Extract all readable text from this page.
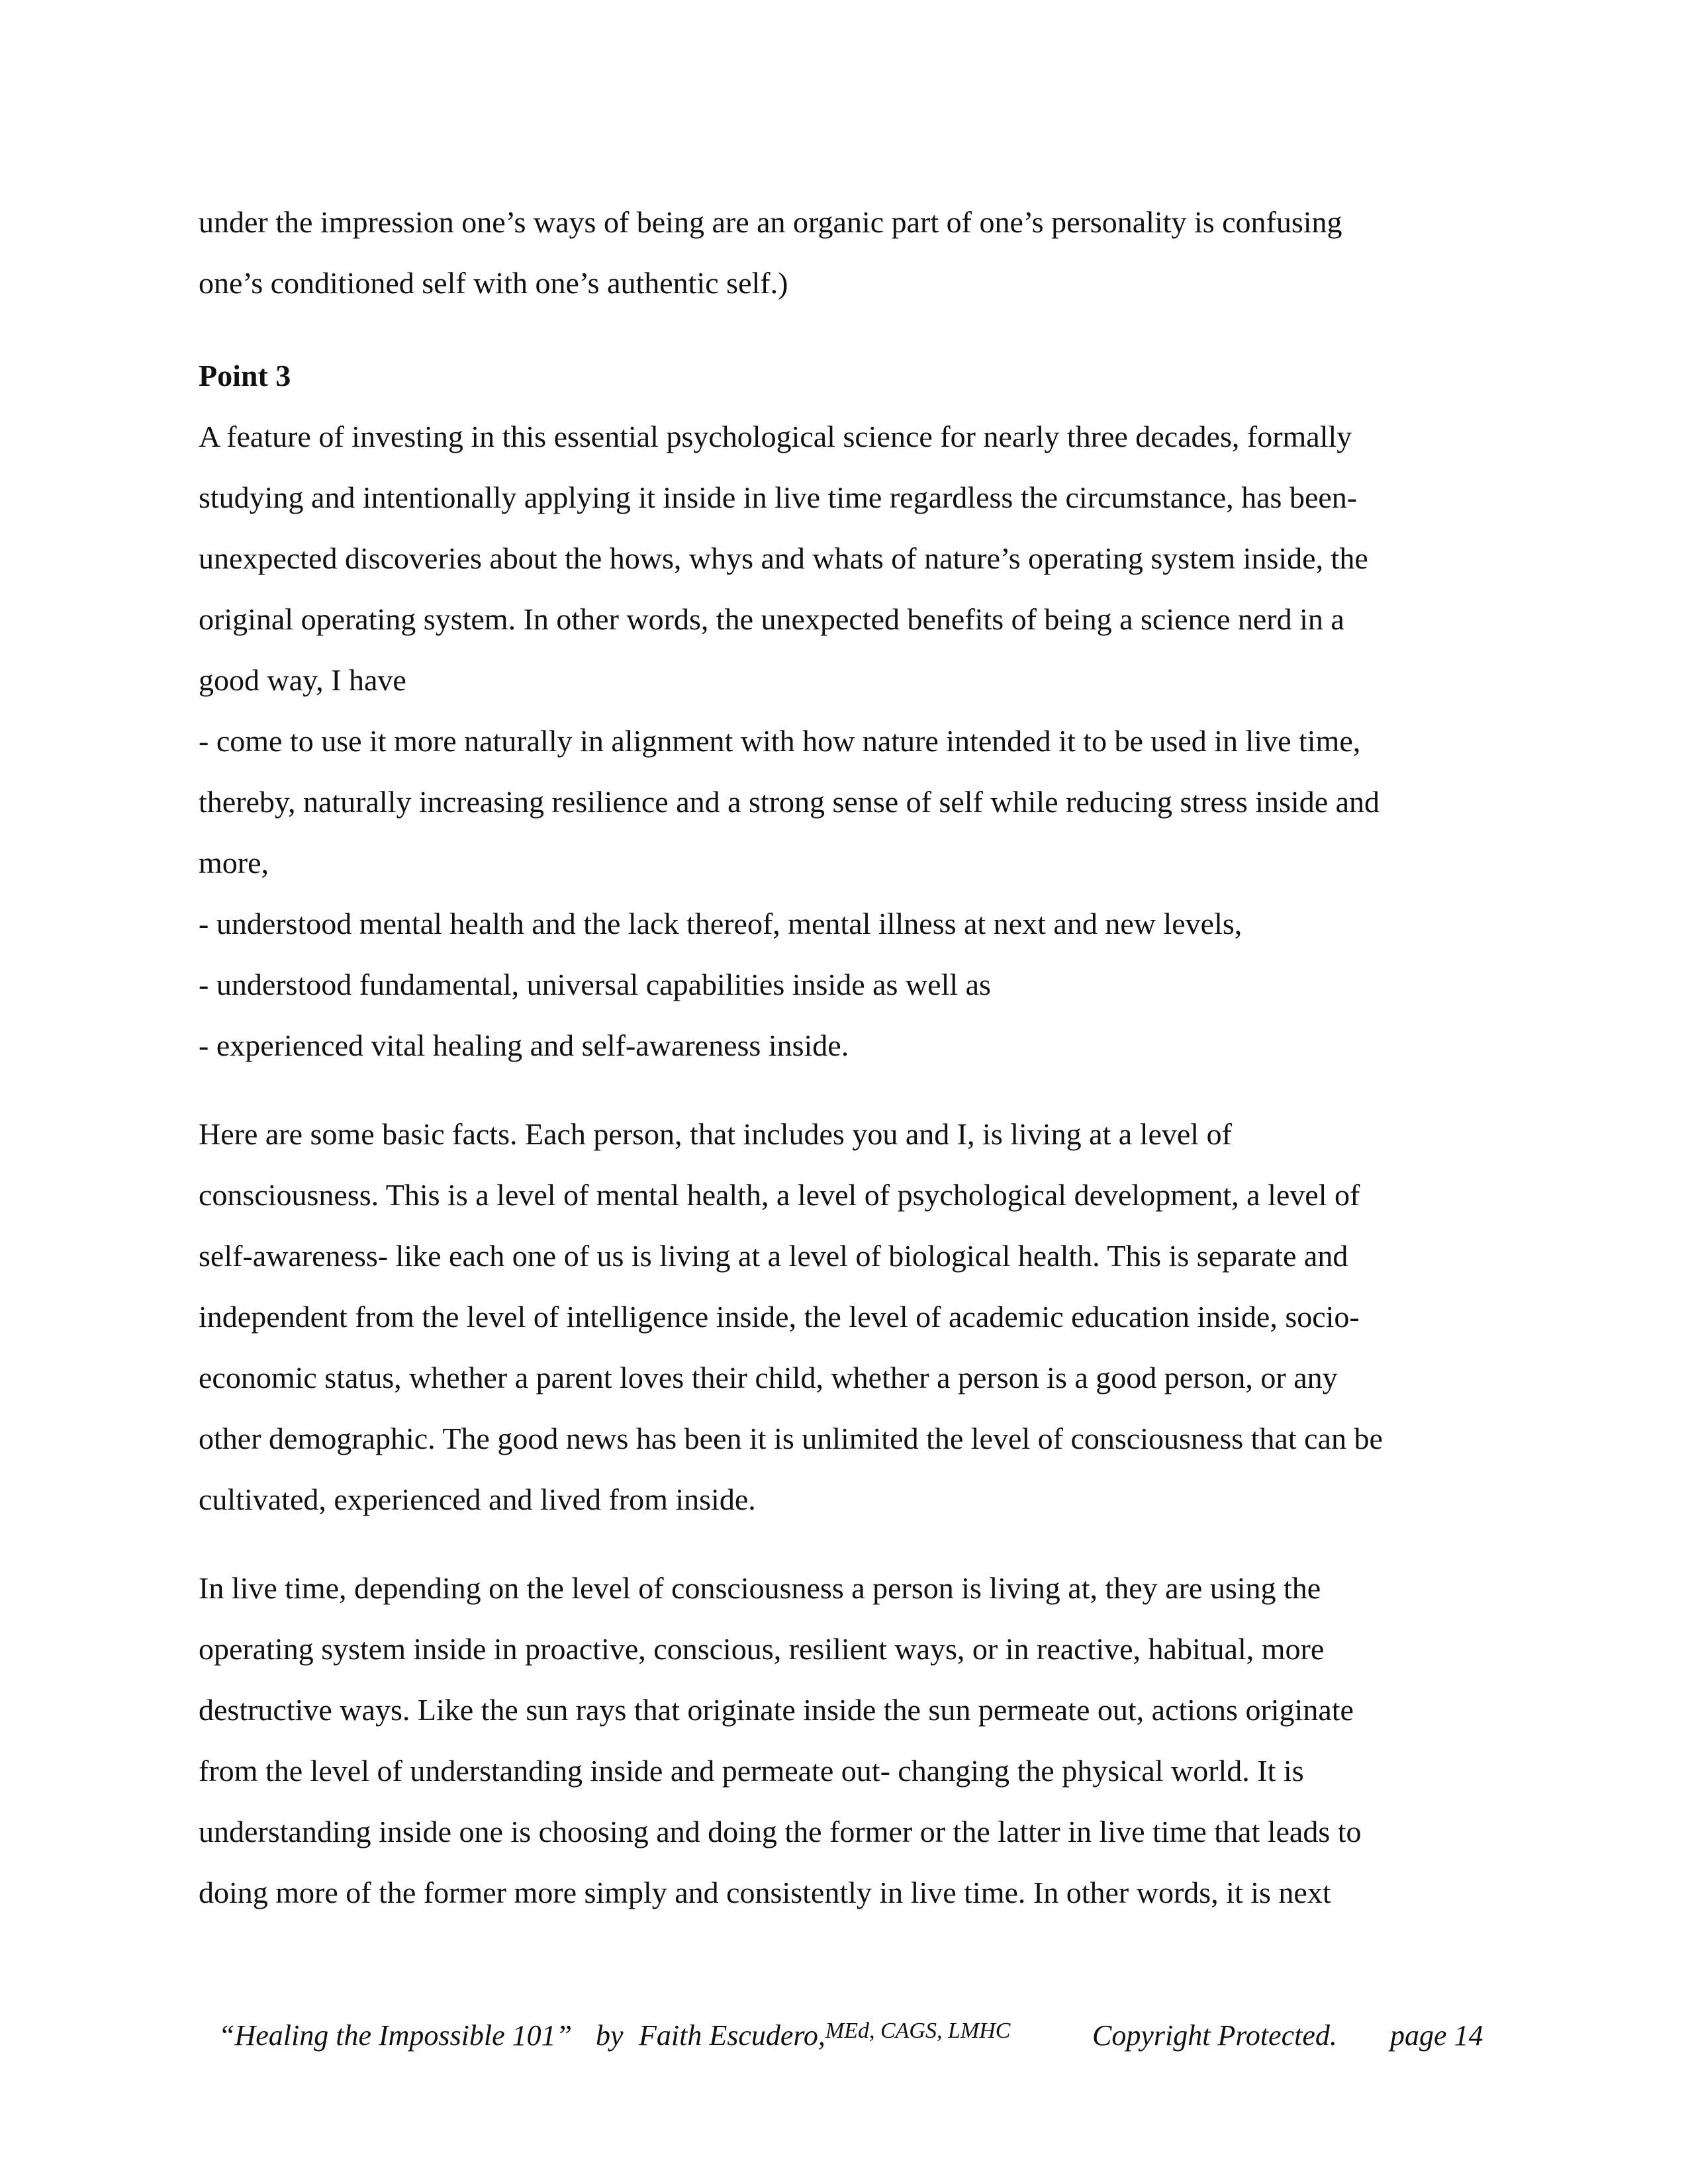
under the impression one’s ways of being are an organic part of one’s personality is confusing

one’s conditioned self with one’s authentic self.)

Point 3

A feature of investing in this essential psychological science for nearly three decades, formally

studying and intentionally applying it inside in live time regardless the circumstance, has been-

unexpected discoveries about the hows, whys and whats of nature’s operating system inside, the

original operating system. In other words, the unexpected benefits of being a science nerd in a

good way, I have

- come to use it more naturally in alignment with how nature intended it to be used in live time,

thereby, naturally increasing resilience and a strong sense of self while reducing stress inside and

more,

- understood mental health and the lack thereof, mental illness at next and new levels,

- understood fundamental, universal capabilities inside as well as

- experienced vital healing and self-awareness inside.

Here are some basic facts. Each person, that includes you and I, is living at a level of

consciousness. This is a level of mental health, a level of psychological development, a level of

self-awareness- like each one of us is living at a level of biological health. This is separate and

independent from the level of intelligence inside, the level of academic education inside, socio-

economic status, whether a parent loves their child, whether a person is a good person, or any

other demographic. The good news has been it is unlimited the level of consciousness that can be

cultivated, experienced and lived from inside.

In live time, depending on the level of consciousness a person is living at, they are using the

operating system inside in proactive, conscious, resilient ways, or in reactive, habitual, more

destructive ways. Like the sun rays that originate inside the sun permeate out, actions originate

from the level of understanding inside and permeate out- changing the physical world. It is

understanding inside one is choosing and doing the former or the latter in live time that leads to

doing more of the former more simply and consistently in live time. In other words, it is next

“Healing the Impossible 101” by Faith Escudero, MEd, CAGS, LMHC	Copyright Protected. page 14
